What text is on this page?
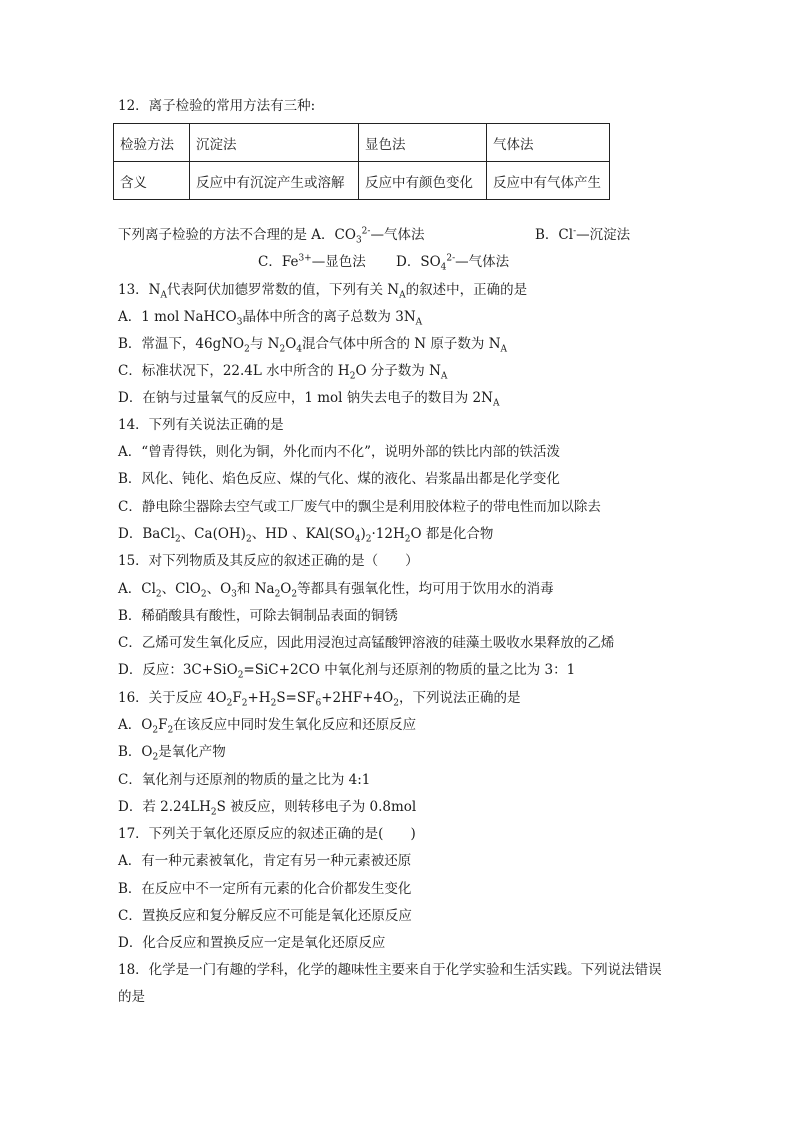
12．离子检验的常用方法有三种:
检验方法	沉淀法	显色法	气体法
含义	反应中有沉淀产生或溶解	反应中有颜色变化	反应中有气体产生
下列离子检验的方法不合理的是 A．$CO_3^{2-}—$气体法	B．Cl-—沉淀法
C．$Fe^{3+}—$显色法 D．$SO_4^{2-}—$气体法
13．$N_A$代表阿伏加德罗常数的值，下列有关 $N_A$的叙述中，正确的是
A．1 mol NaHCO$_3$晶体中所含的离子总数为 $3N_A$
B．常温下，46gNO$_2$与 $N_2O_4$混合气体中所含的 N 原子数为 $N_A$
C．标准状况下，22.4L 水中所含的 $H_2O$ 分子数为 $N_A$
D．在钠与过量氧气的反应中，1 mol 钠失去电子的数目为 $2N_A$
14．下列有关说法正确的是
A．“曾青得铁，则化为铜，外化而内不化”，说明外部的铁比内部的铁活泼
B．风化、钝化、焰色反应、煤的气化、煤的液化、岩浆晶出都是化学变化
C．静电除尘器除去空气或工厂废气中的飘尘是利用胶体粒子的带电性而加以除去
D．BaCl$_2$、$Ca(OH)_2$、HD 、$KAl(SO_4)_2\cdot 12H_2O$ 都是化合物
15．对下列物质及其反应的叙述正确的是（　　）
A．$Cl_2$、ClO$_2$、$O_3$和 $Na_2O_2$等都具有强氧化性，均可用于饮用水的消毒
B．稀硝酸具有酸性，可除去铜制品表面的铜锈
C．乙烯可发生氧化反应，因此用浸泡过高锰酸钾溶液的硅藻土吸收水果释放的乙烯
D．反应：3C+SiO$_2$=SiC+2CO 中氧化剂与还原剂的物质的量之比为 3：1
16．关于反应 $4O_2F_2+H_2S=SF_6+2HF+4O_2$，下列说法正确的是
A．$O_2F_2$在该反应中同时发生氧化反应和还原反应
B．$O_2$是氧化产物
C．氧化剂与还原剂的物质的量之比为 4:1
D．若 $2.24LH_2S$ 被反应，则转移电子为 0.8mol
17．下列关于氧化还原反应的叙述正确的是(　　)
A．有一种元素被氧化，肯定有另一种元素被还原
B．在反应中不一定所有元素的化合价都发生变化
C．置换反应和复分解反应不可能是氧化还原反应
D．化合反应和置换反应一定是氧化还原反应
18．化学是一门有趣的学科，化学的趣味性主要来自于化学实验和生活实践。下列说法错误
的是
